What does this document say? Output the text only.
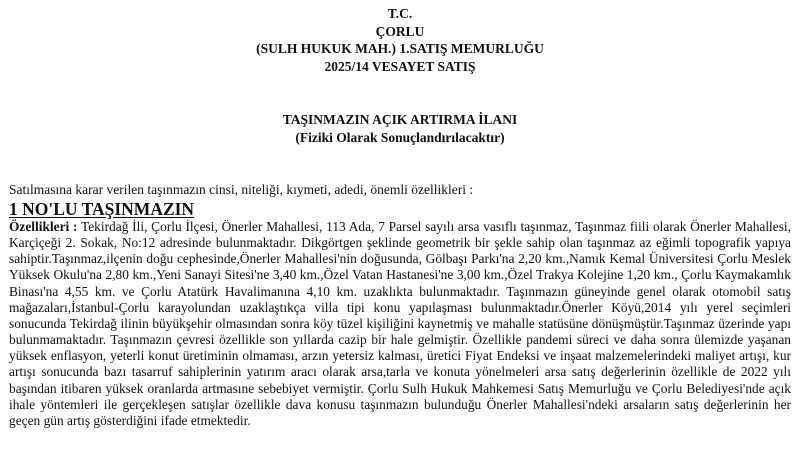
T.C.
ÇORLU
(SULH HUKUK MAH.) 1.SATIŞ MEMURLUĞU
2025/14 VESAYET SATIŞ
TAŞINMAZIN AÇIK ARTIRMA İLANI
(Fiziki Olarak Sonuçlandırılacaktır)
Satılmasına karar verilen taşınmazın cinsi, niteliği, kıymeti, adedi, önemli özellikleri :
1 NO'LU TAŞINMAZIN
Özellikleri : Tekirdağ İli, Çorlu İlçesi, Önerler Mahallesi, 113 Ada, 7 Parsel sayılı arsa vasıflı taşınmaz, Taşınmaz fiili olarak Önerler Mahallesi, Karçiçeği 2. Sokak, No:12 adresinde bulunmaktadır. Dikgörtgen şeklinde geometrik bir şekle sahip olan taşınmaz az eğimli topografik yapıya sahiptir.Taşınmaz,ilçenin doğu cephesinde,Önerler Mahallesi'nin doğusunda, Gölbaşı Parkı'na 2,20 km.,Namık Kemal Üniversitesi Çorlu Meslek Yüksek Okulu'na 2,80 km.,Yeni Sanayi Sitesi'ne 3,40 km.,Özel Vatan Hastanesi'ne 3,00 km.,Özel Trakya Kolejine 1,20 km., Çorlu Kaymakamlık Binası'na 4,55 km. ve Çorlu Atatürk Havalimanına 4,10 km. uzaklıkta bulunmaktadır. Taşınmazın güneyinde genel olarak otomobil satış mağazaları,İstanbul-Çorlu karayolundan uzaklaştıkça villa tipi konu yapılaşması bulunmaktadır.Önerler Köyü,2014 yılı yerel seçimleri sonucunda Tekirdağ ilinin büyükşehir olmasından sonra köy tüzel kişiliğini kaynetmiş ve mahalle statüsüne dönüşmüştür.Taşınmaz üzerinde yapı bulunmamaktadır. Taşınmazın çevresi özellikle son yıllarda cazip bir hale gelmiştir. Özellikle pandemi süreci ve daha sonra ülemizde yaşanan yüksek enflasyon, yeterli konut üretiminin olmaması, arzın yetersiz kalması, üretici Fiyat Endeksi ve inşaat malzemelerindeki maliyet artışı, kur artışı sonucunda bazı tasarruf sahiplerinin yatırım aracı olarak arsa,tarla ve konuta yönelmeleri arsa satış değerlerinin özellikle de 2022 yılı başından itibaren yüksek oranlarda artmasıne sebebiyet vermiştir. Çorlu Sulh Hukuk Mahkemesi Satış Memurluğu ve Çorlu Belediyesi'nde açık ihale yöntemleri ile gerçekleşen satışlar özellikle dava konusu taşınmazın bulunduğu Önerler Mahallesi'ndeki arsaların satış değerlerinin her geçen gün artış gösterdiğini ifade etmektedir.
